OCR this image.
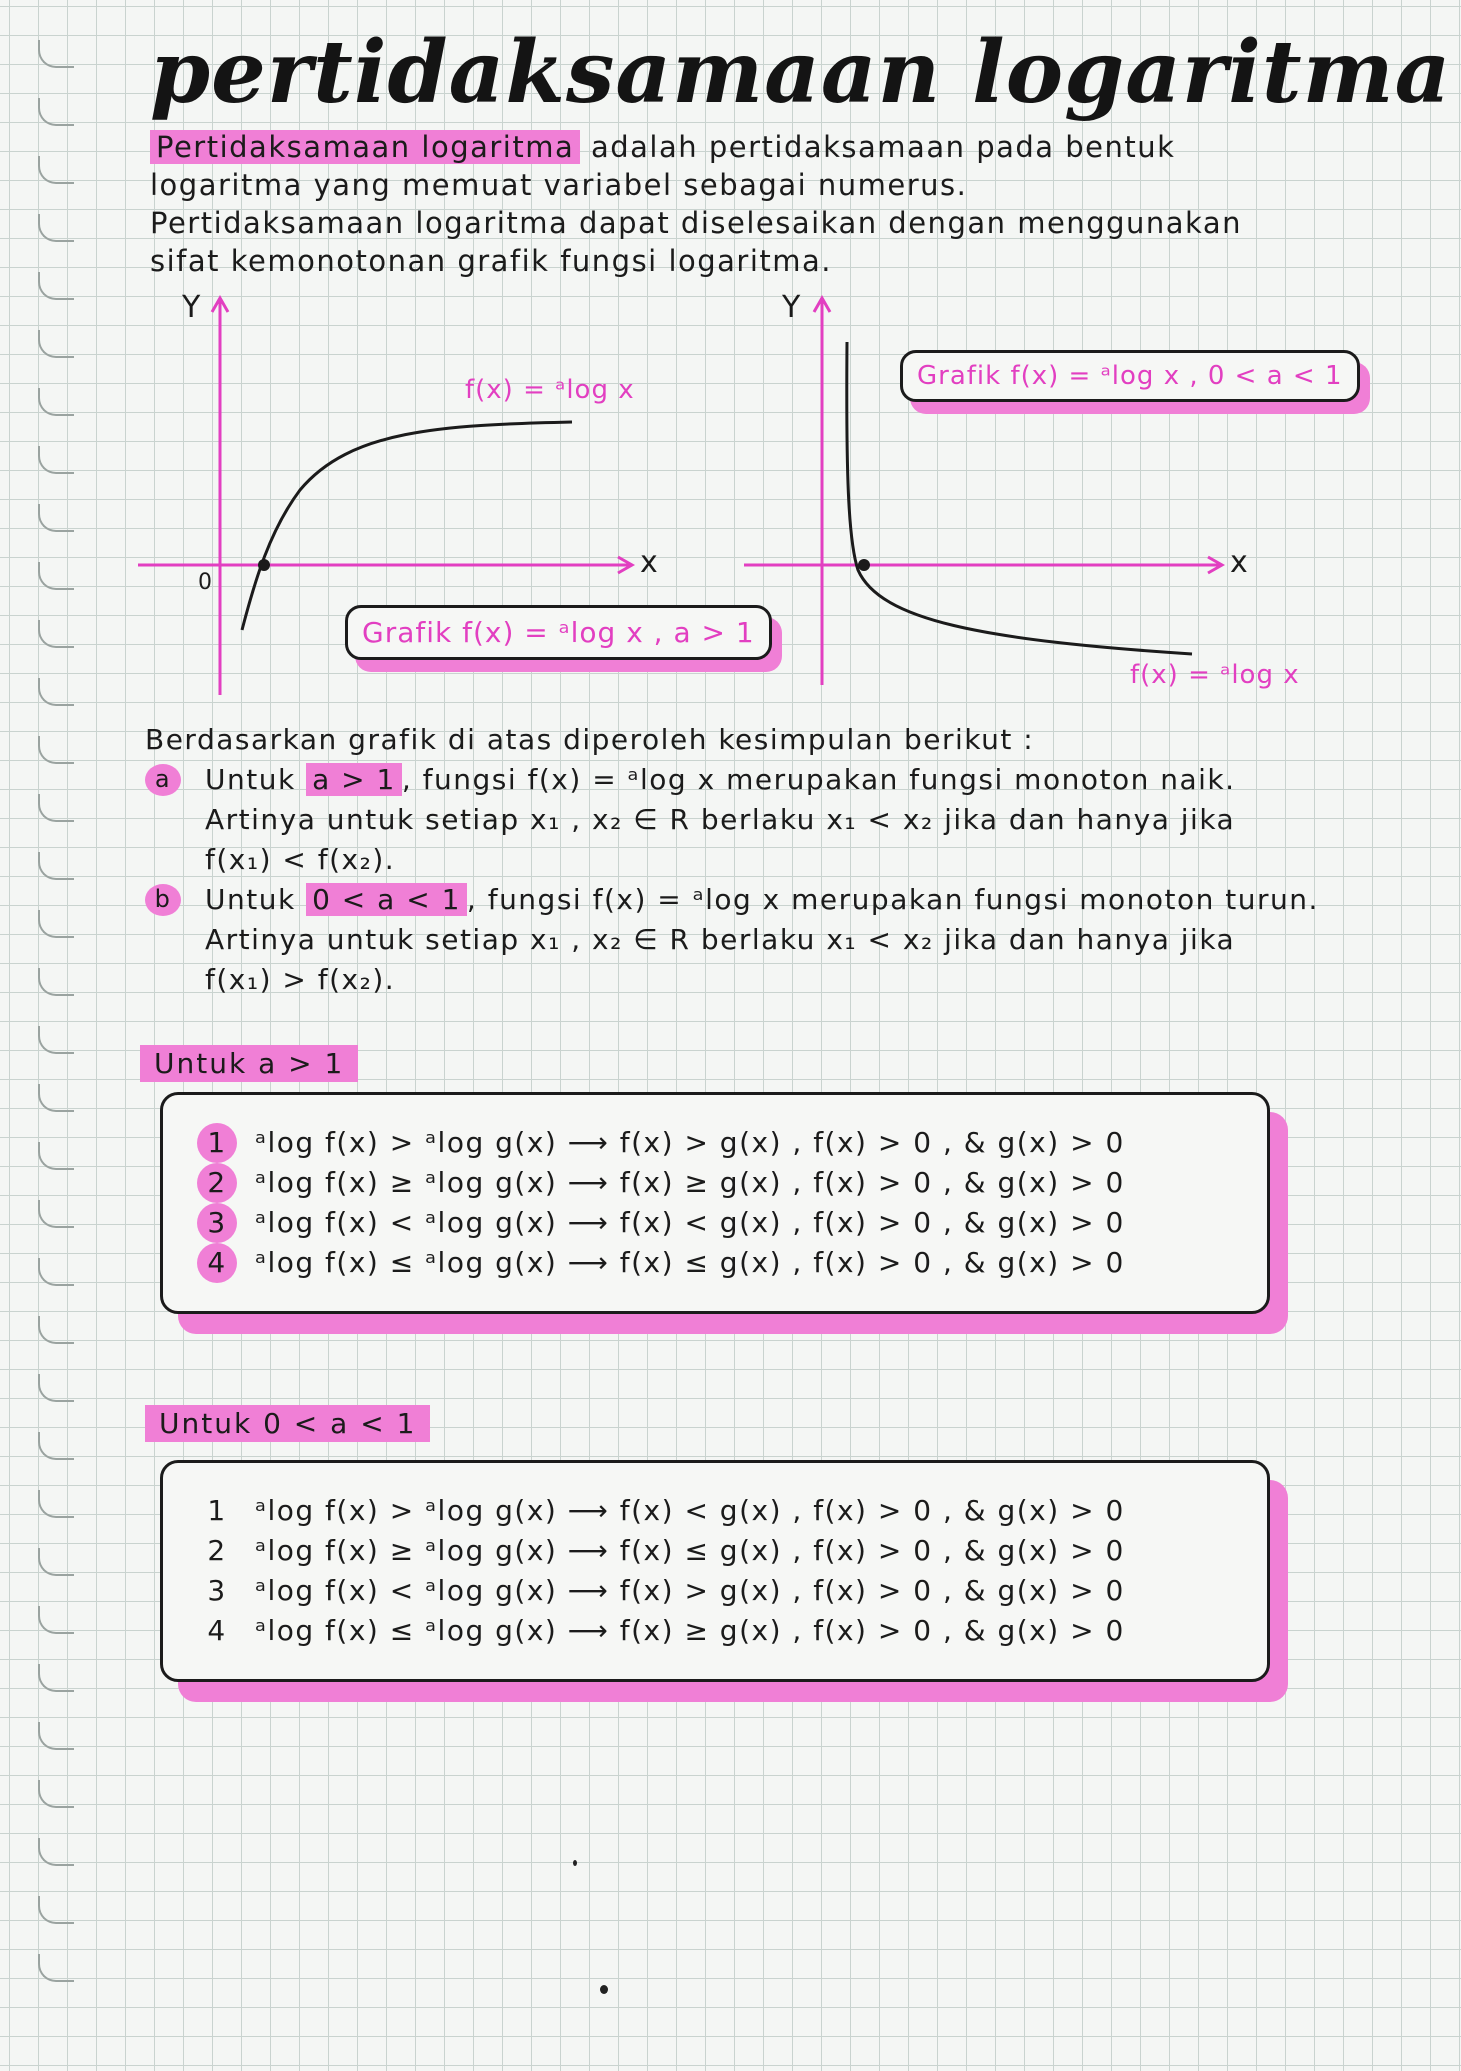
pertidaksamaan logaritma

Pertidaksamaan logaritma adalah pertidaksamaan pada bentuk

logaritma yang memuat variabel sebagai numerus.

Pertidaksamaan logaritma dapat diselesaikan dengan menggunakan

sifat kemonotonan grafik fungsi logaritma.

Y
x
0
f(x) = ᵃlog x
Grafik f(x) = ᵃlog x , a > 1
Y
x
f(x) = ᵃlog x
Grafik f(x) = ᵃlog x , 0 < a < 1

Berdasarkan grafik di atas diperoleh kesimpulan berikut :

a	Untuk a > 1 , fungsi f(x) = ᵃlog x merupakan fungsi monoton naik.

Artinya untuk setiap x₁ , x₂ ∈ R berlaku x₁ < x₂ jika dan hanya jika

f(x₁) < f(x₂).

b	Untuk 0 < a < 1 , fungsi f(x) = ᵃlog x merupakan fungsi monoton turun.

Artinya untuk setiap x₁ , x₂ ∈ R berlaku x₁ < x₂ jika dan hanya jika

f(x₁) > f(x₂).

Untuk a > 1
1	ᵃlog f(x) > ᵃlog g(x) ⟶ f(x) > g(x) , f(x) > 0 , & g(x) > 0
2	ᵃlog f(x) ≥ ᵃlog g(x) ⟶ f(x) ≥ g(x) , f(x) > 0 , & g(x) > 0
3	ᵃlog f(x) < ᵃlog g(x) ⟶ f(x) < g(x) , f(x) > 0 , & g(x) > 0
4	ᵃlog f(x) ≤ ᵃlog g(x) ⟶ f(x) ≤ g(x) , f(x) > 0 , & g(x) > 0
Untuk 0 < a < 1
1	ᵃlog f(x) > ᵃlog g(x) ⟶ f(x) < g(x) , f(x) > 0 , & g(x) > 0
2	ᵃlog f(x) ≥ ᵃlog g(x) ⟶ f(x) ≤ g(x) , f(x) > 0 , & g(x) > 0
3	ᵃlog f(x) < ᵃlog g(x) ⟶ f(x) > g(x) , f(x) > 0 , & g(x) > 0
4	ᵃlog f(x) ≤ ᵃlog g(x) ⟶ f(x) ≥ g(x) , f(x) > 0 , & g(x) > 0
